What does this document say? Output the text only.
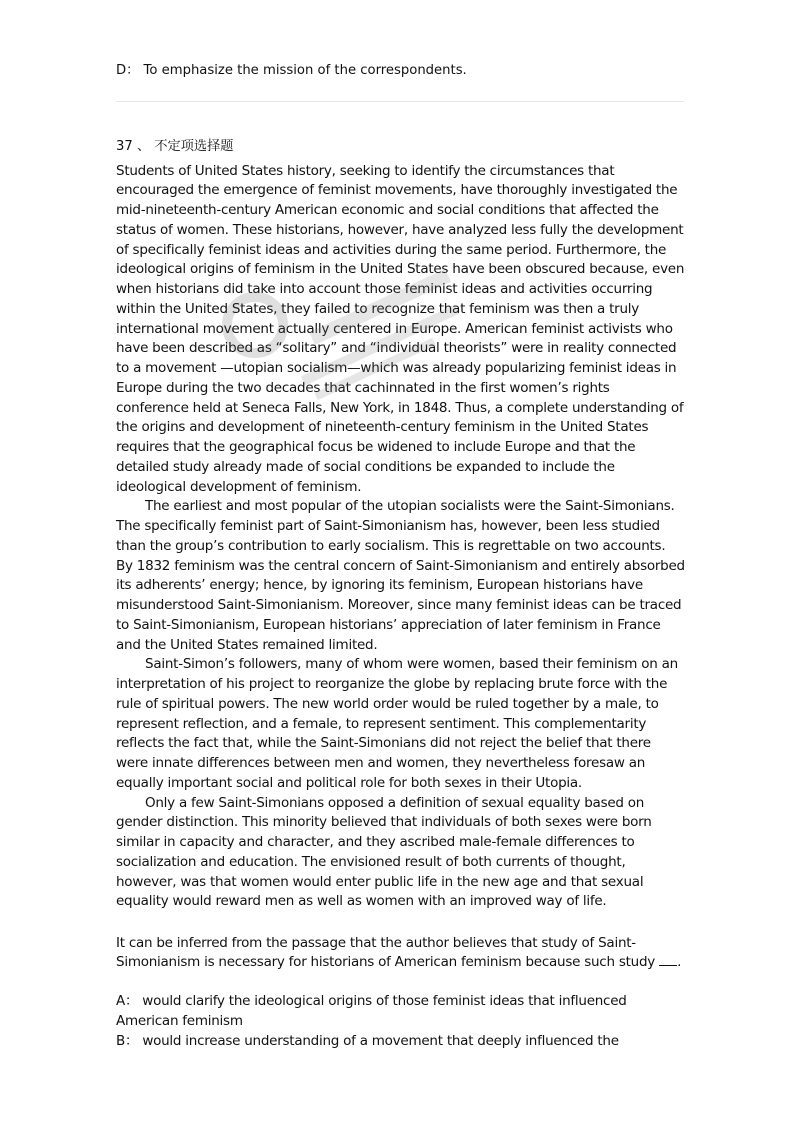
D： To emphasize the mission of the correspondents.
37 、 不定项选择题

Students of United States history, seeking to identify the circumstances that encouraged the emergence of feminist movements, have thoroughly investigated the mid-nineteenth-century American economic and social conditions that affected the status of women. These historians, however, have analyzed less fully the development of specifically feminist ideas and activities during the same period. Furthermore, the ideological origins of feminism in the United States have been obscured because, even when historians did take into account those feminist ideas and activities occurring within the United States, they failed to recognize that feminism was then a truly international movement actually centered in Europe. American feminist activists who have been described as “solitary” and “individual theorists” were in reality connected to a movement —utopian socialism—which was already popularizing feminist ideas in Europe during the two decades that cachinnated in the first women’s rights conference held at Seneca Falls, New York, in 1848. Thus, a complete understanding of the origins and development of nineteenth-century feminism in the United States requires that the geographical focus be widened to include Europe and that the detailed study already made of social conditions be expanded to include the ideological development of feminism.

The earliest and most popular of the utopian socialists were the Saint-Simonians. The specifically feminist part of Saint-Simonianism has, however, been less studied than the group’s contribution to early socialism. This is regrettable on two accounts. By 1832 feminism was the central concern of Saint-Simonianism and entirely absorbed its adherents’ energy; hence, by ignoring its feminism, European historians have misunderstood Saint-Simonianism. Moreover, since many feminist ideas can be traced to Saint-Simonianism, European historians’ appreciation of later feminism in France and the United States remained limited.

Saint-Simon’s followers, many of whom were women, based their feminism on an interpretation of his project to reorganize the globe by replacing brute force with the rule of spiritual powers. The new world order would be ruled together by a male, to represent reflection, and a female, to represent sentiment. This complementarity reflects the fact that, while the Saint-Simonians did not reject the belief that there were innate differences between men and women, they nevertheless foresaw an equally important social and political role for both sexes in their Utopia.

Only a few Saint-Simonians opposed a definition of sexual equality based on gender distinction. This minority believed that individuals of both sexes were born similar in capacity and character, and they ascribed male-female differences to socialization and education. The envisioned result of both currents of thought, however, was that women would enter public life in the new age and that sexual equality would reward men as well as women with an improved way of life.

It can be inferred from the passage that the author believes that study of Saint-Simonianism is necessary for historians of American feminism because such study .

A： would clarify the ideological origins of those feminist ideas that influenced American feminism

B： would increase understanding of a movement that deeply influenced the
